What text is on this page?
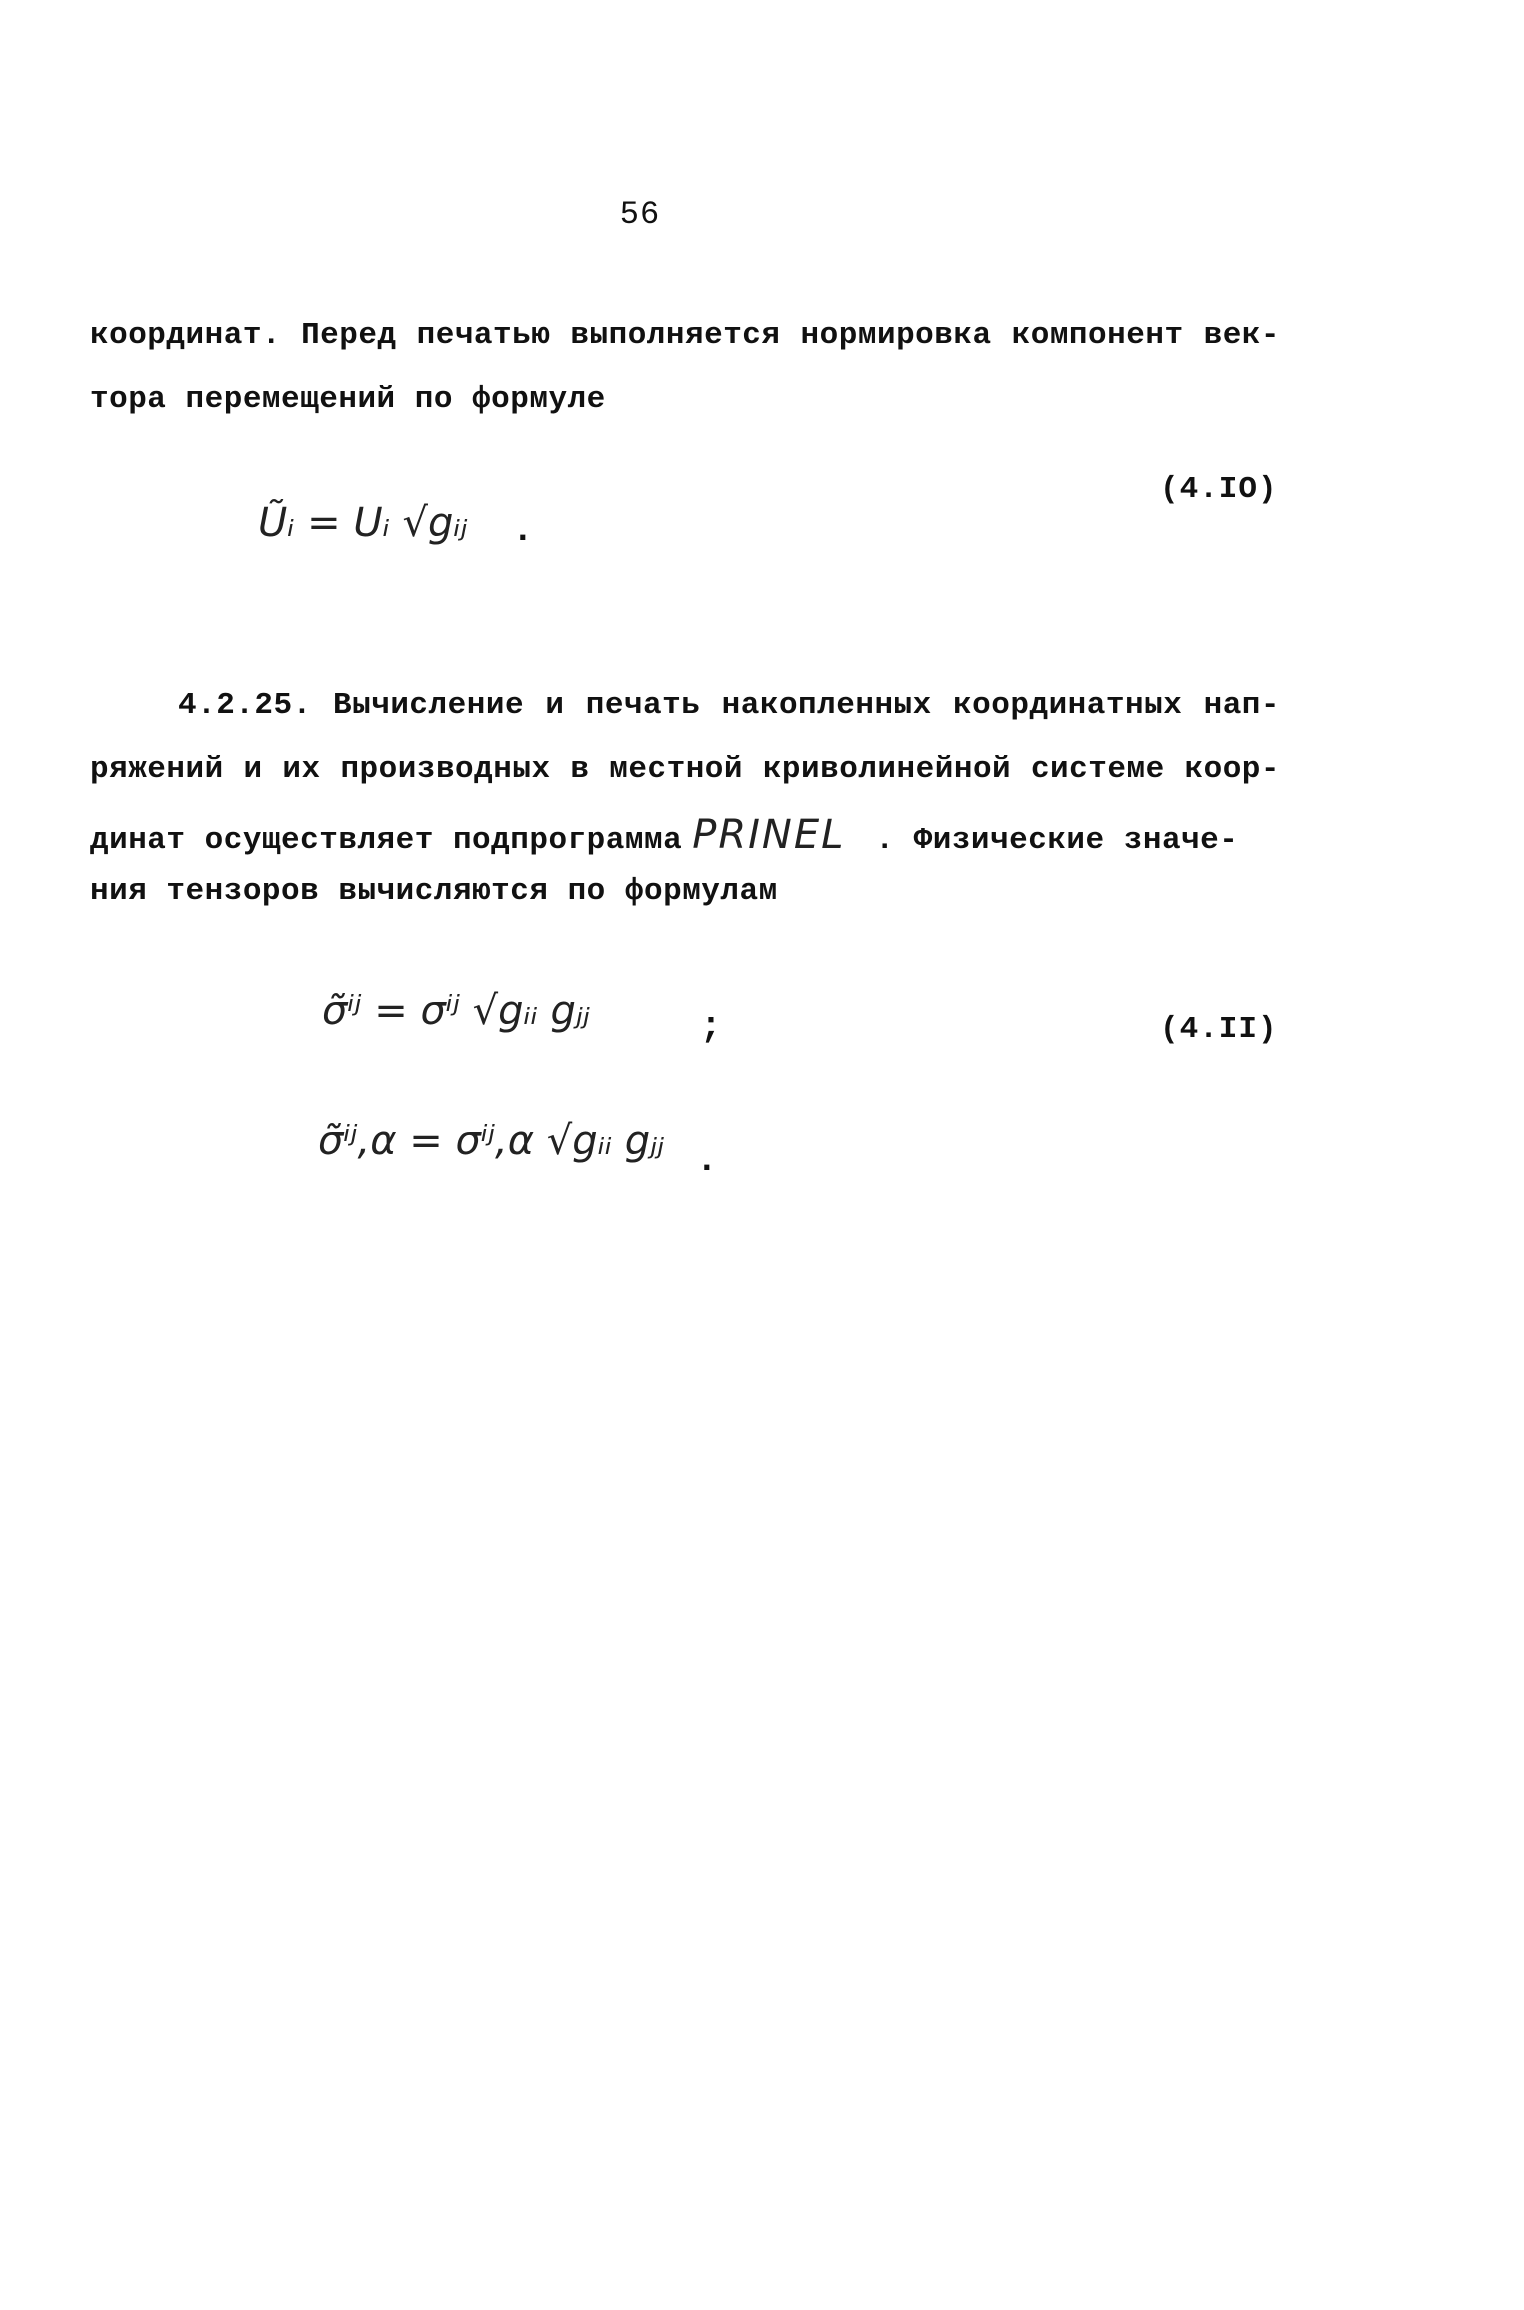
56
координат. Перед печатью выполняется нормировка компонент век-
тора перемещений по формуле
Ũᵢ = Uᵢ √gᵢⱼ .
(4.IO)
4.2.25. Вычисление и печать накопленных координатных нап-
ряжений и их производных в местной криволинейной системе коор-
динат осуществляет подпрограмма PRINEL . Физические значе-
ния тензоров вычисляются по формулам
σ̃ⁱʲ = σⁱʲ √gᵢᵢ gⱼⱼ	;	(4.II)
σ̃ⁱʲ,α = σⁱʲ,α √gᵢᵢ gⱼⱼ .
